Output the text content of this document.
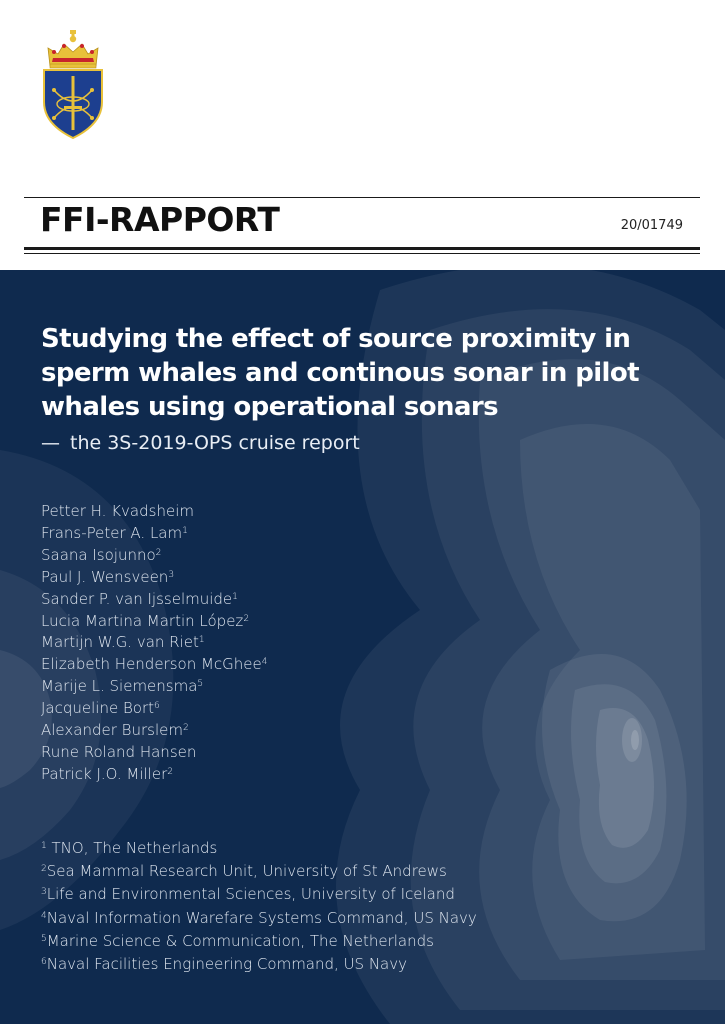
FFI-RAPPORT	20/01749
Studying the effect of source proximity in sperm whales and continous sonar in pilot whales using operational sonars

— the 3S-2019-OPS cruise report

Petter H. Kvadsheim
Frans-Peter A. Lam$^1$
Saana Isojunno$^2$
Paul J. Wensveen$^3$
Sander P. van Ijsselmuide$^1$
Lucia Martina Martin López$^2$
Martijn W.G. van Riet$^1$
Elizabeth Henderson McGhee$^4$
Marije L. Siemensma$^5$
Jacqueline Bort$^6$
Alexander Burslem$^2$
Rune Roland Hansen
Patrick J.O. Miller$^2$
$^1$ TNO, The Netherlands
$^2$Sea Mammal Research Unit, University of St Andrews
$^3$Life and Environmental Sciences, University of Iceland
$^4$Naval Information Warefare Systems Command, US Navy
$^5$Marine Science & Communication, The Netherlands
$^6$Naval Facilities Engineering Command, US Navy
